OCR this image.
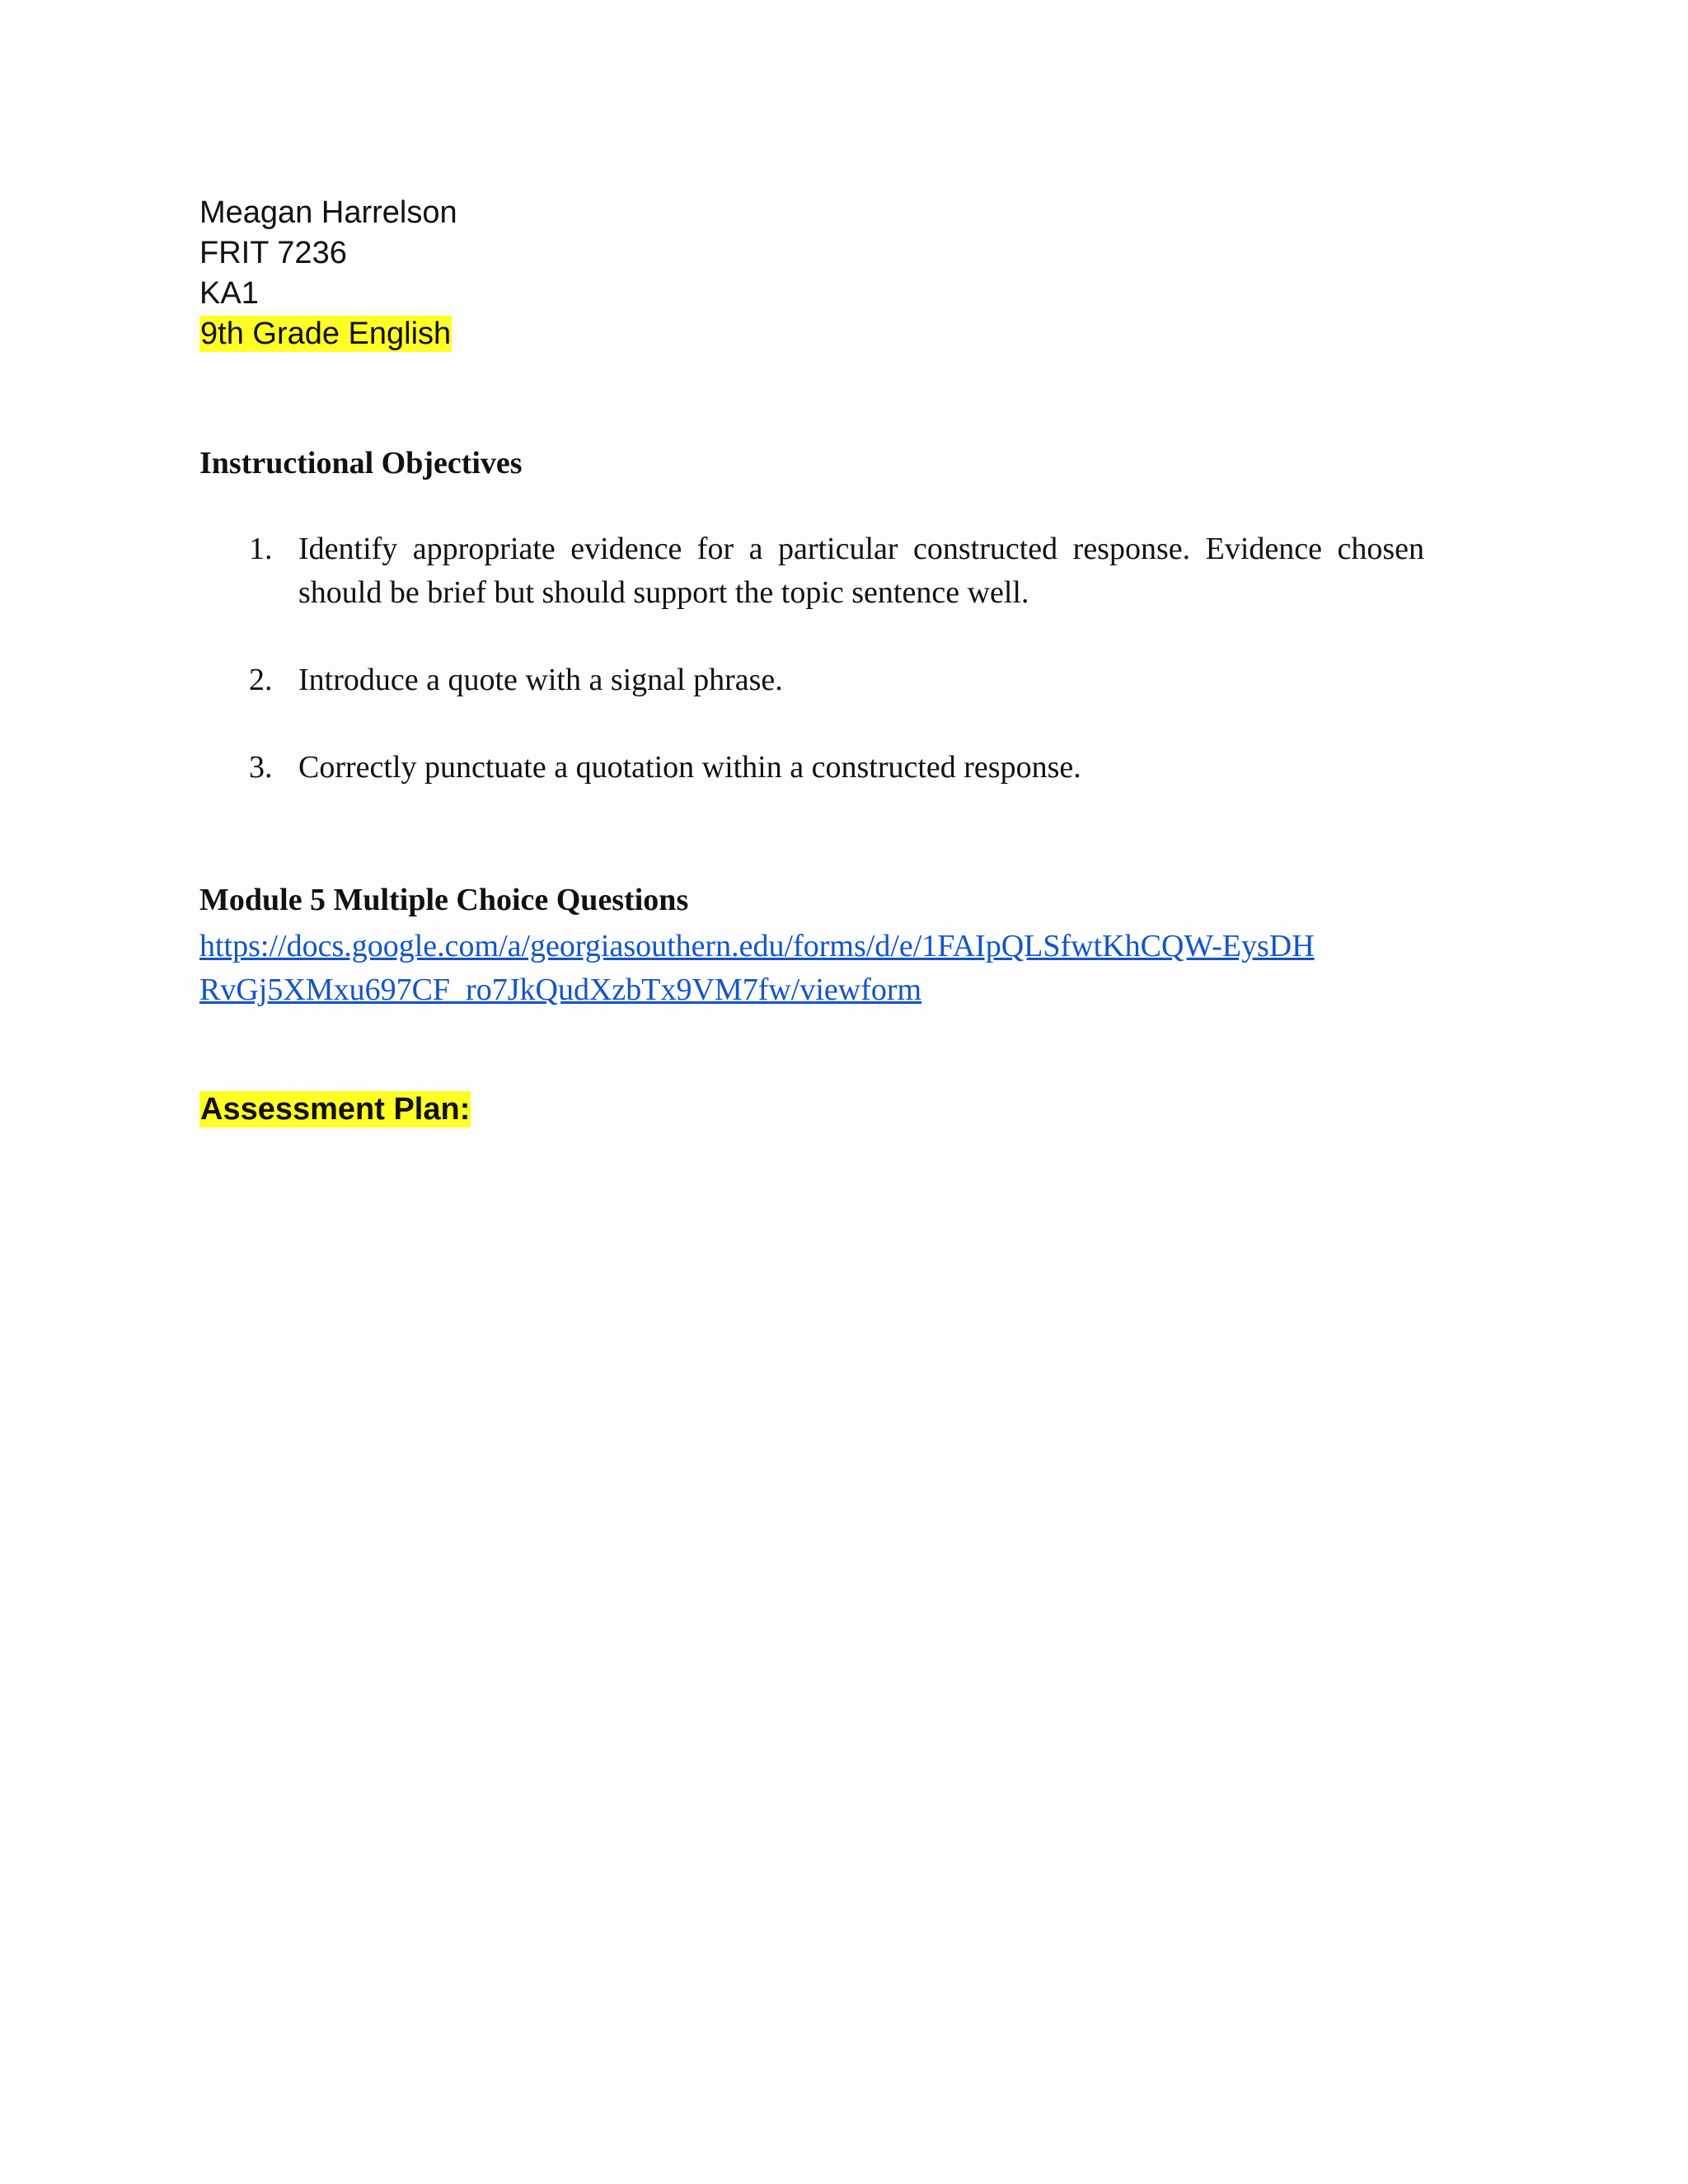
Meagan Harrelson
FRIT 7236
KA1
9th Grade English
Instructional Objectives
1. Identify appropriate evidence for a particular constructed response. Evidence chosen should be brief but should support the topic sentence well.
2. Introduce a quote with a signal phrase.
3. Correctly punctuate a quotation within a constructed response.
Module 5 Multiple Choice Questions
https://docs.google.com/a/georgiasouthern.edu/forms/d/e/1FAIpQLSfwtKhCQW-EysDHRvGj5XMxu697CF_ro7JkQudXzbTx9VM7fw/viewform
Assessment Plan:
